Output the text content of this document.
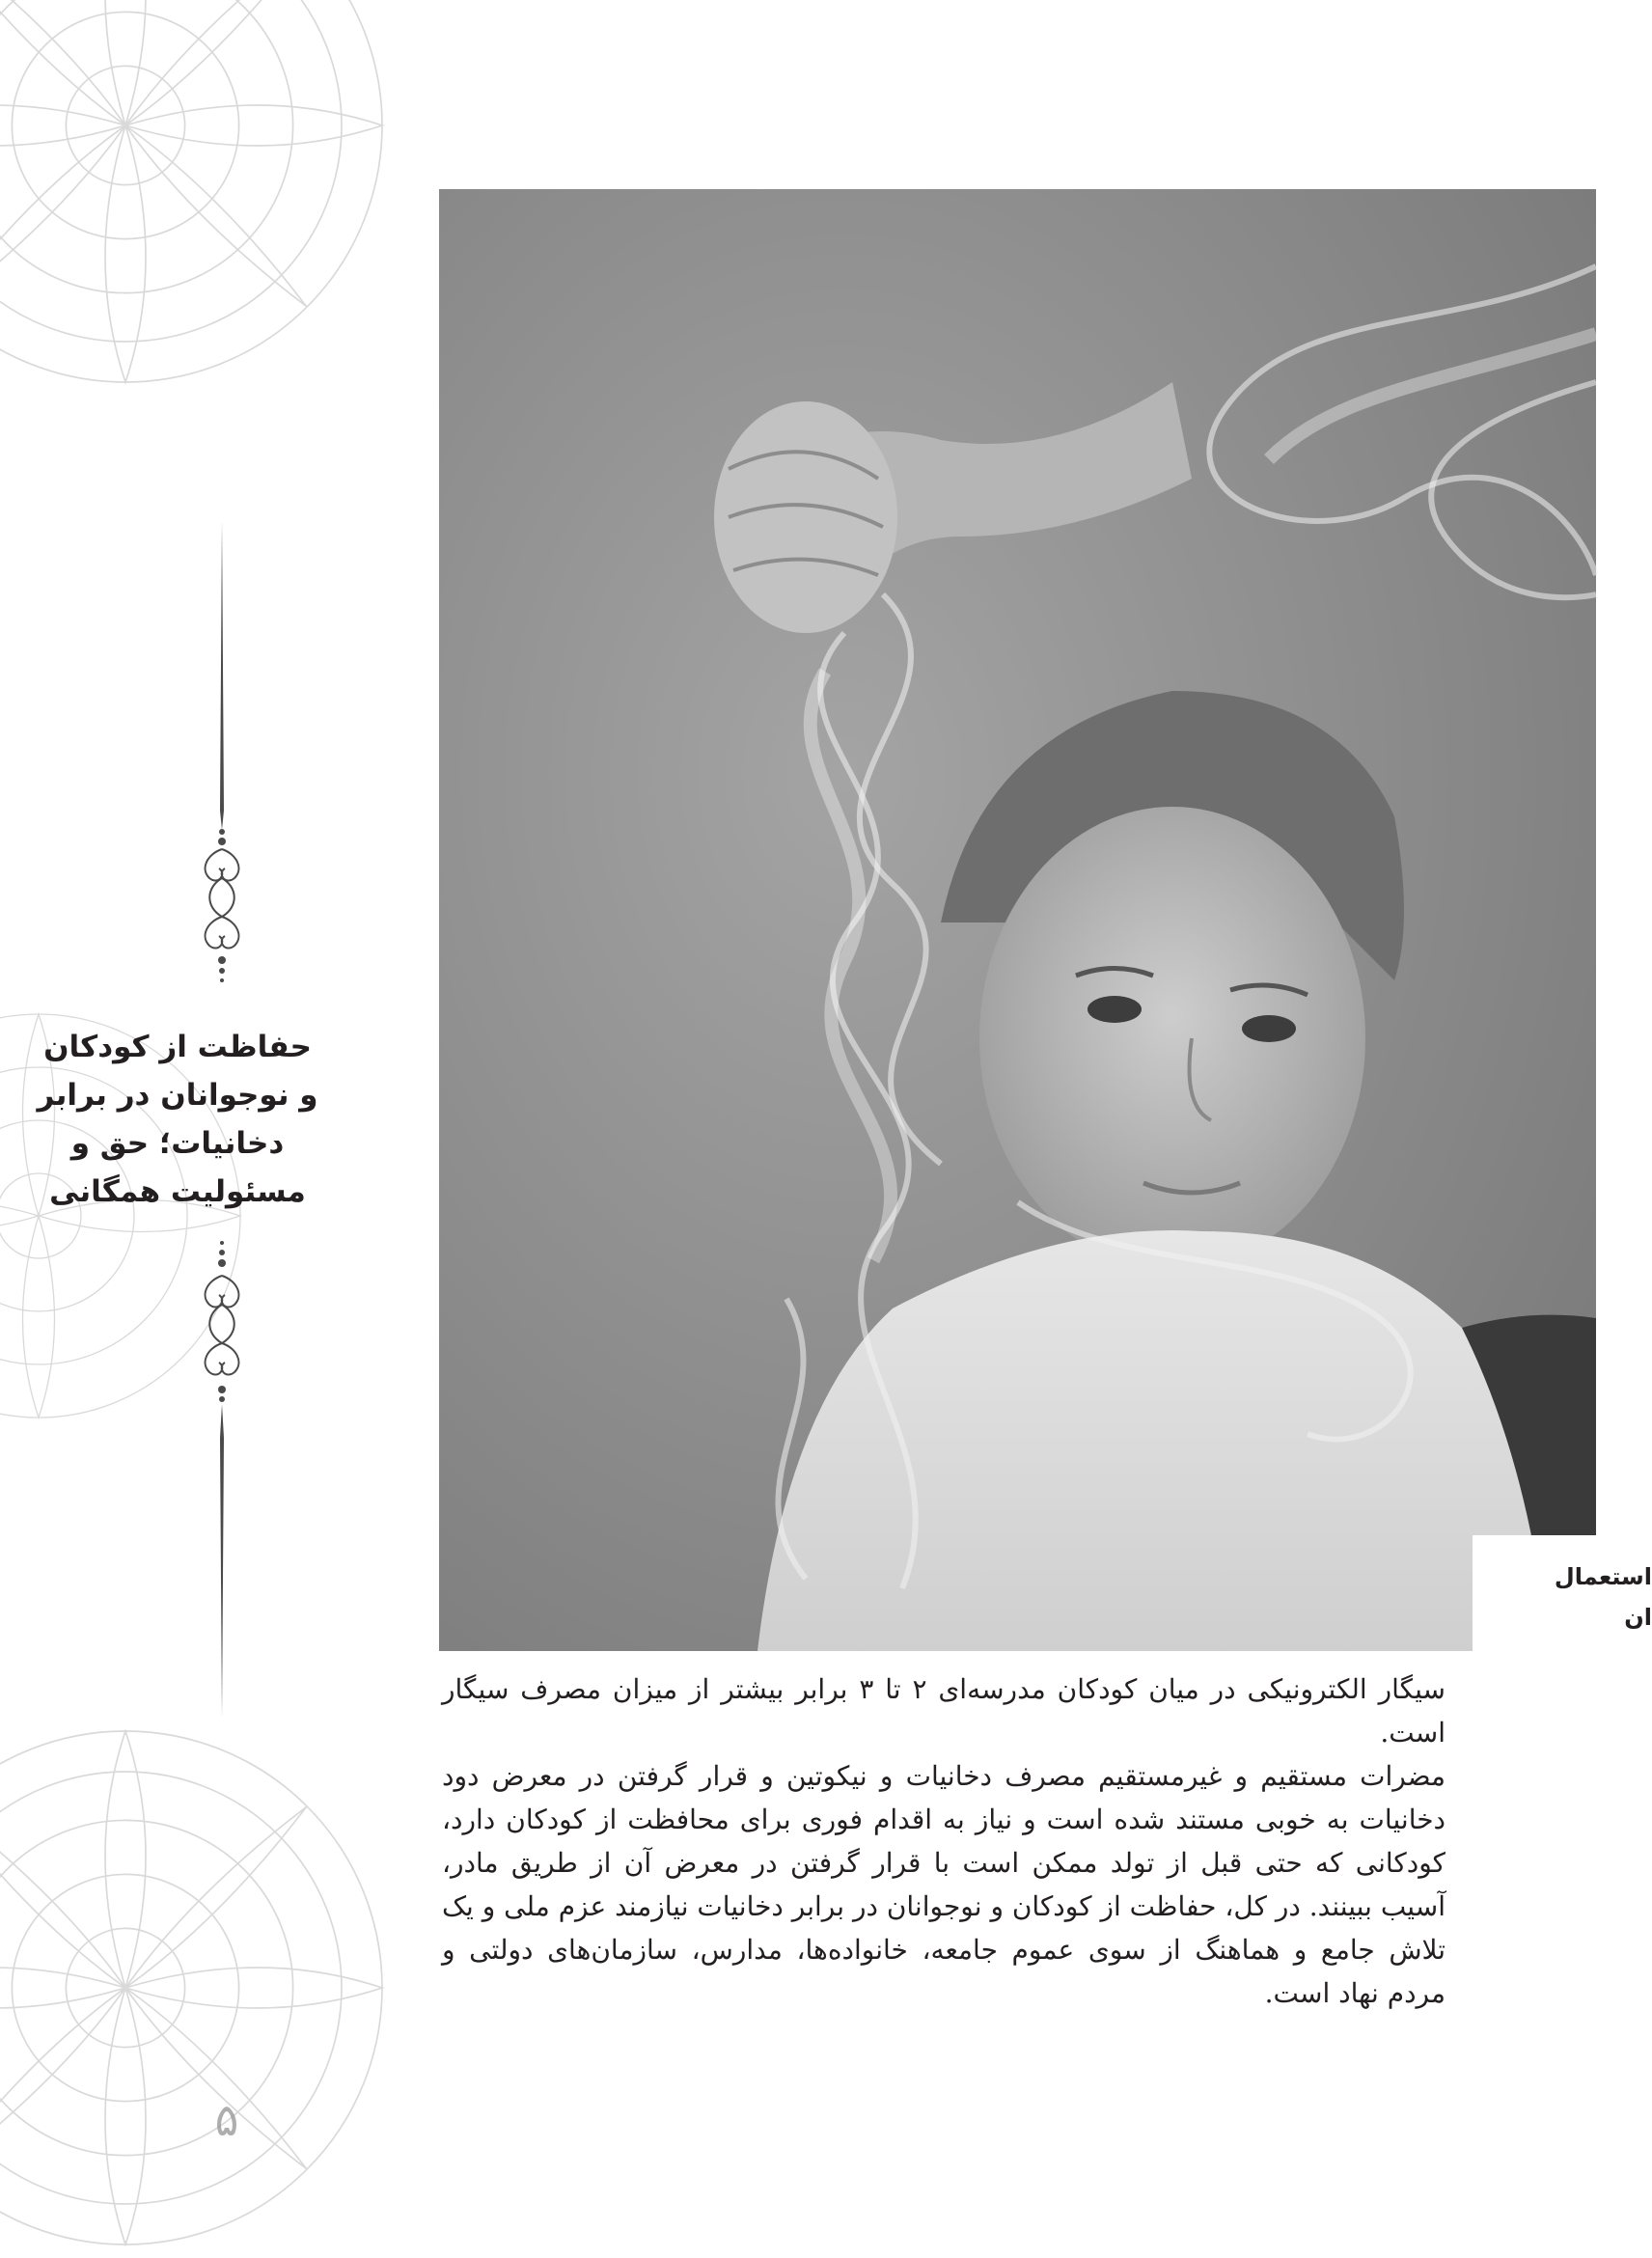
حفاظت از کودکان
و نوجوانان در برابر
دخانیات؛ حق و
مسئولیت همگانی
استعمال
ان

سیگار الکترونیکی در میان کودکان مدرسه‌ای ۲ تا ۳ برابر بیشتر از میزان مصرف سیگار است.

مضرات مستقیم و غیرمستقیم مصرف دخانیات و نیکوتین و قرار گرفتن در معرض دود دخانیات به خوبی مستند شده است و نیاز به اقدام فوری برای محافظت از کودکان دارد، کودکانی که حتی قبل از تولد ممکن است با قرار گرفتن در معرض آن از طریق مادر، آسیب ببینند. در کل، حفاظت از کودکان و نوجوانان در برابر دخانیات نیازمند عزم ملی و یک تلاش جامع و هماهنگ از سوی عموم جامعه، خانواده‌ها، مدارس، سازمان‌های دولتی و مردم نهاد است.

۵
